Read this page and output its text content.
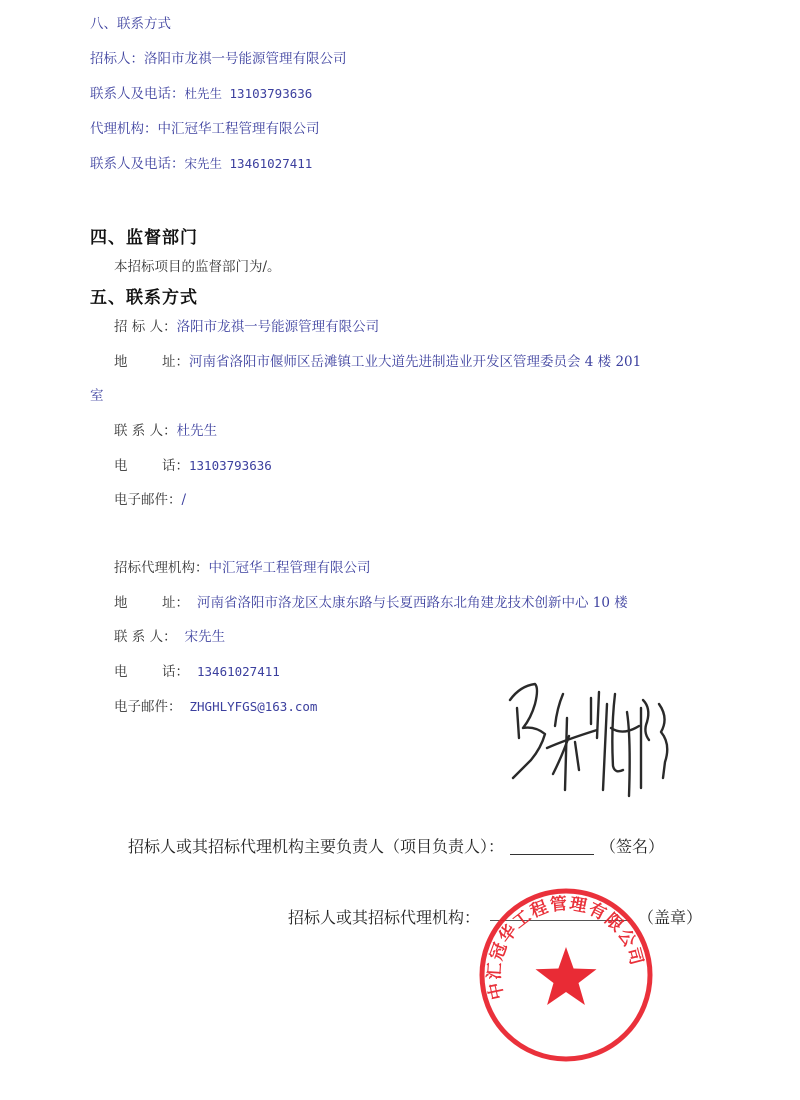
八、联系方式
招标人：洛阳市龙祺一号能源管理有限公司
联系人及电话：杜先生 13103793636
代理机构：中汇冠华工程管理有限公司
联系人及电话：宋先生 13461027411
四、监督部门
本招标项目的监督部门为/。
五、联系方式
招 标 人：洛阳市龙祺一号能源管理有限公司
地	址：河南省洛阳市偃师区岳滩镇工业大道先进制造业开发区管理委员会 4 楼 201
室
联 系 人：杜先生
电	话：13103793636
电子邮件：/
招标代理机构：中汇冠华工程管理有限公司
地	址： 河南省洛阳市洛龙区太康东路与长夏西路东北角建龙技术创新中心 10 楼
联 系 人： 宋先生
电	话： 13461027411
电子邮件： ZHGHLYFGS@163.com
招标人或其招标代理机构主要负责人（项目负责人）：	（签名）
招标人或其招标代理机构：	（盖章）
中汇冠华工程管理有限公司
